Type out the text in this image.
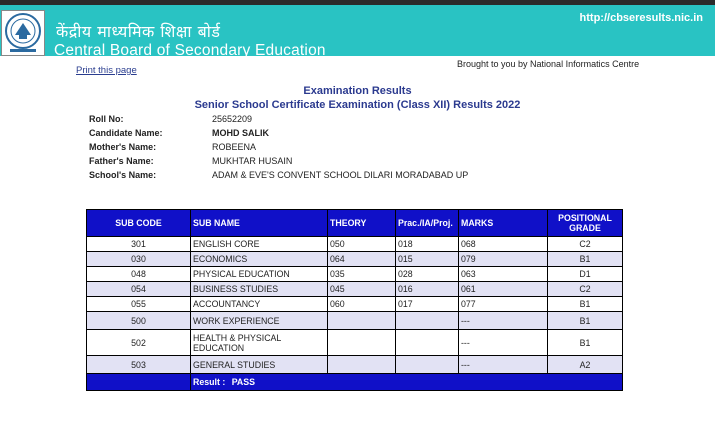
केंद्रीय माध्यमिक शिक्षा बोर्ड
Central Board of Secondary Education
http://cbseresults.nic.in
Print this page
Brought to you by National Informatics Centre
Examination Results
Senior School Certificate Examination (Class XII) Results 2022
Roll No:	25652209
Candidate Name:	MOHD SALIK
Mother's Name:	ROBEENA
Father's Name:	MUKHTAR HUSAIN
School's Name:	ADAM & EVE'S CONVENT SCHOOL DILARI MORADABAD UP
SUB CODE	SUB NAME	THEORY	Prac./IA/Proj.	MARKS	POSITIONAL GRADE
301	ENGLISH CORE	050	018	068	C2
030	ECONOMICS	064	015	079	B1
048	PHYSICAL EDUCATION	035	028	063	D1
054	BUSINESS STUDIES	045	016	061	C2
055	ACCOUNTANCY	060	017	077	B1
500	WORK EXPERIENCE			---	B1
502	HEALTH & PHYSICAL EDUCATION			---	B1
503	GENERAL STUDIES			---	A2
	Result : PASS				
